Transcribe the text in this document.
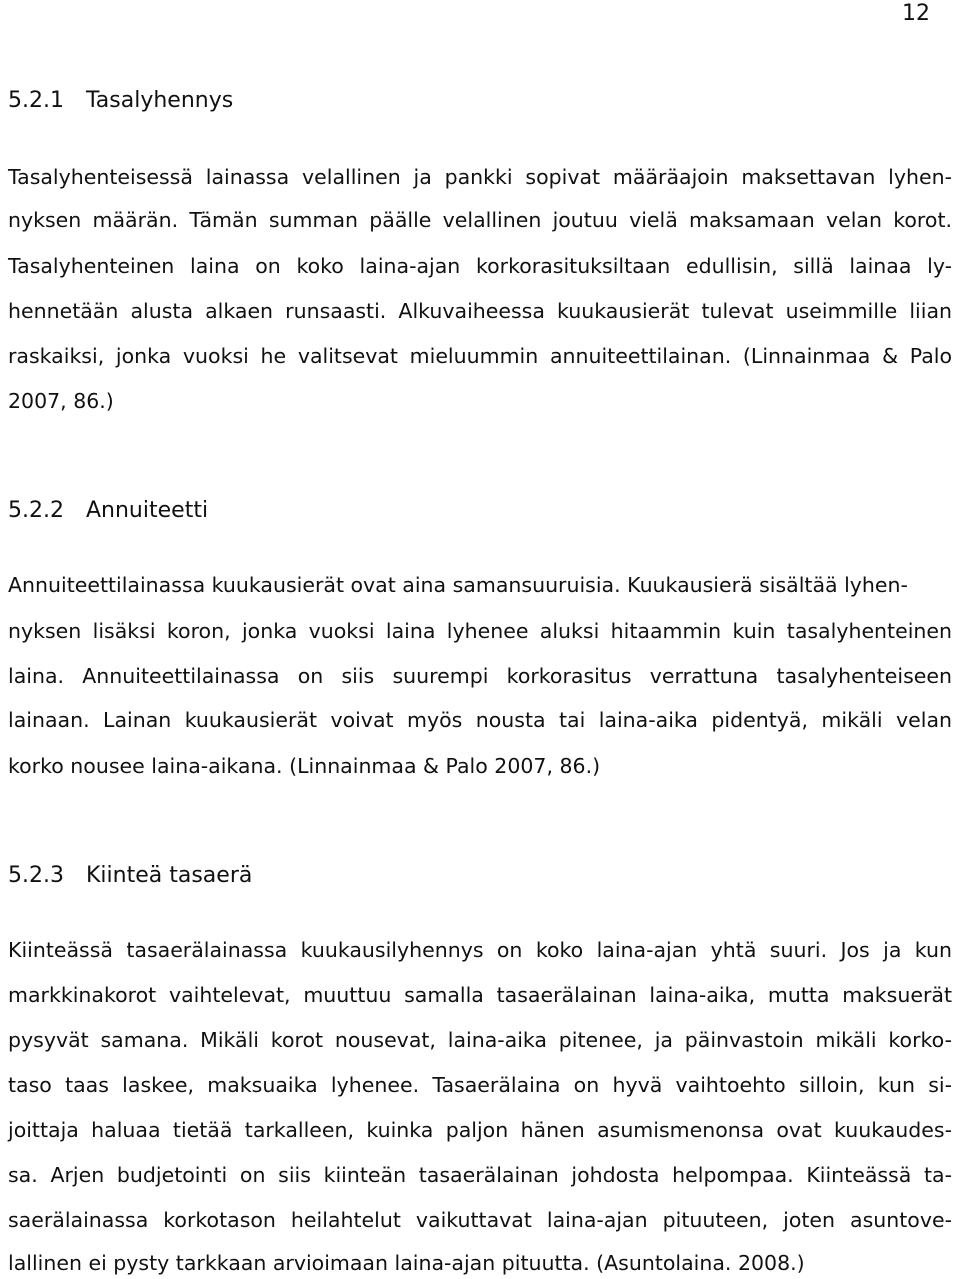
12
5.2.1 Tasalyhennys
Tasalyhenteisessä lainassa velallinen ja pankki sopivat määräajoin maksettavan lyhen-
nyksen määrän. Tämän summan päälle velallinen joutuu vielä maksamaan velan korot.
Tasalyhenteinen laina on koko laina-ajan korkorasituksiltaan edullisin, sillä lainaa ly-
hennetään alusta alkaen runsaasti. Alkuvaiheessa kuukausierät tulevat useimmille liian
raskaiksi, jonka vuoksi he valitsevat mieluummin annuiteettilainan. (Linnainmaa & Palo
2007, 86.)
5.2.2 Annuiteetti
Annuiteettilainassa kuukausierät ovat aina samansuuruisia. Kuukausierä sisältää lyhen-
nyksen lisäksi koron, jonka vuoksi laina lyhenee aluksi hitaammin kuin tasalyhenteinen
laina. Annuiteettilainassa on siis suurempi korkorasitus verrattuna tasalyhenteiseen
lainaan. Lainan kuukausierät voivat myös nousta tai laina-aika pidentyä, mikäli velan
korko nousee laina-aikana. (Linnainmaa & Palo 2007, 86.)
5.2.3 Kiinteä tasaerä
Kiinteässä tasaerälainassa kuukausilyhennys on koko laina-ajan yhtä suuri. Jos ja kun
markkinakorot vaihtelevat, muuttuu samalla tasaerälainan laina-aika, mutta maksuerät
pysyvät samana. Mikäli korot nousevat, laina-aika pitenee, ja päinvastoin mikäli korko-
taso taas laskee, maksuaika lyhenee. Tasaerälaina on hyvä vaihtoehto silloin, kun si-
joittaja haluaa tietää tarkalleen, kuinka paljon hänen asumismenonsa ovat kuukaudes-
sa. Arjen budjetointi on siis kiinteän tasaerälainan johdosta helpompaa. Kiinteässä ta-
saerälainassa korkotason heilahtelut vaikuttavat laina-ajan pituuteen, joten asuntove-
lallinen ei pysty tarkkaan arvioimaan laina-ajan pituutta. (Asuntolaina. 2008.)
